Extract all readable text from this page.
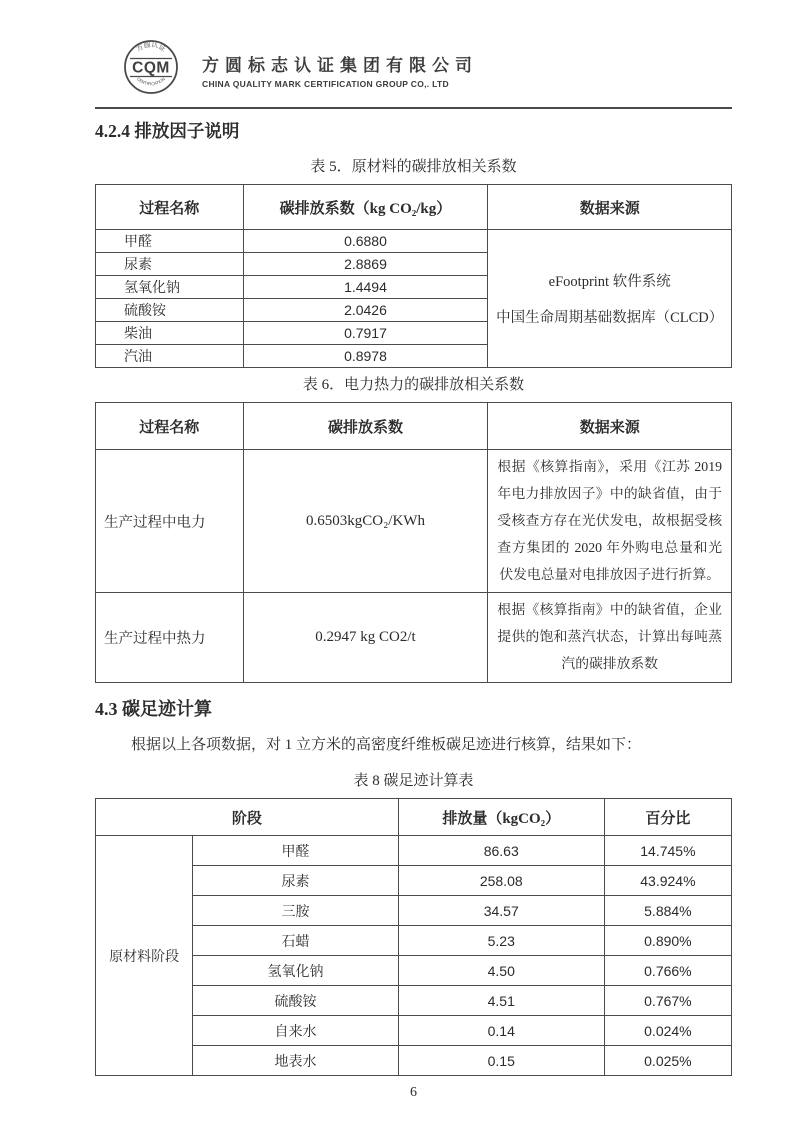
方圆认证
CQM
CERTIFICATION
方圆标志认证集团有限公司
CHINA QUALITY MARK CERTIFICATION GROUP CO,. LTD
4.2.4 排放因子说明
表 5．原材料的碳排放相关系数
过程名称	碳排放系数（kg CO₂/kg）	数据来源
甲醛	0.6880	eFootprint 软件系统
中国生命周期基础数据库（CLCD）

尿素	2.8869	
氢氧化钠	1.4494	
硫酸铵	2.0426	
柴油	0.7917	
汽油	0.8978	
表 6．电力热力的碳排放相关系数
过程名称	碳排放系数	数据来源
生产过程中电力	0.6503kgCO₂/KWh	根据《核算指南》，采用《江苏 2019 年电力排放因子》中的缺省值，由于受核查方存在光伏发电，故根据受核查方集团的 2020 年外购电总量和光伏发电总量对电排放因子进行折算。
生产过程中热力	0.2947 kg CO2/t	根据《核算指南》中的缺省值，企业提供的饱和蒸汽状态，计算出每吨蒸汽的碳排放系数
4.3 碳足迹计算
根据以上各项数据，对 1 立方米的高密度纤维板碳足迹进行核算，结果如下：
表 8 碳足迹计算表
阶段		排放量（kgCO₂）	百分比
原材料阶段	甲醛	86.63	14.745%
	尿素	258.08	43.924%
	三胺	34.57	5.884%
	石蜡	5.23	0.890%
	氢氧化钠	4.50	0.766%
	硫酸铵	4.51	0.767%
	自来水	0.14	0.024%
	地表水	0.15	0.025%
6
